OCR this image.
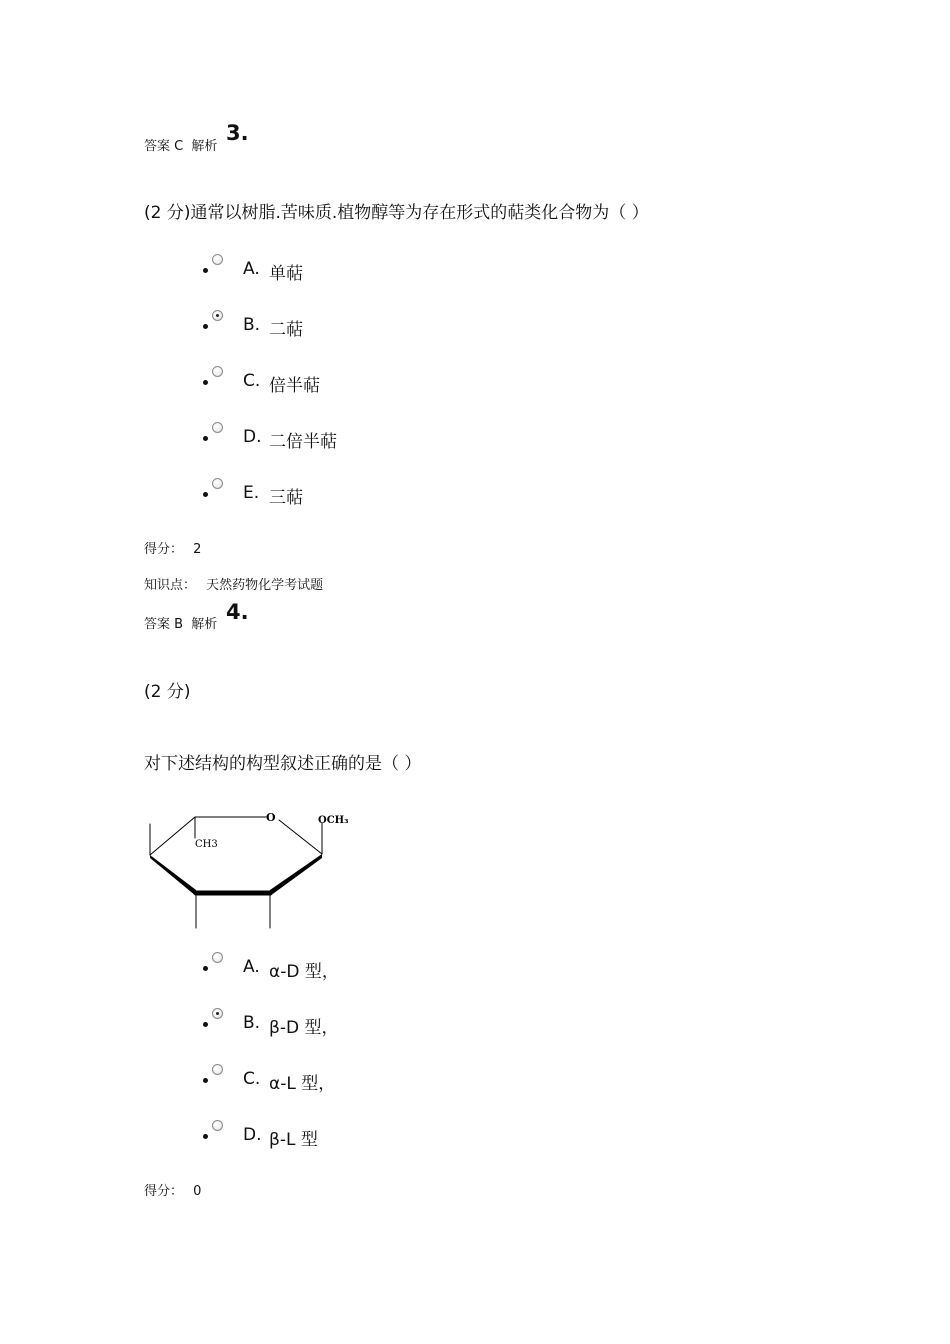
答案 C 解析
3.
(2 分)通常以树脂.苦味质.植物醇等为存在形式的萜类化合物为（ ）
A. 单萜
B. 二萜
C. 倍半萜
D. 二倍半萜
E. 三萜
得分： 2
知识点： 天然药物化学考试题
答案 B 解析
4.
(2 分)
对下述结构的构型叙述正确的是（ ）
O	OCH₃
CH3
A. α-D 型，
B. β-D 型，
C. α-L 型，
D. β-L 型
得分： 0
